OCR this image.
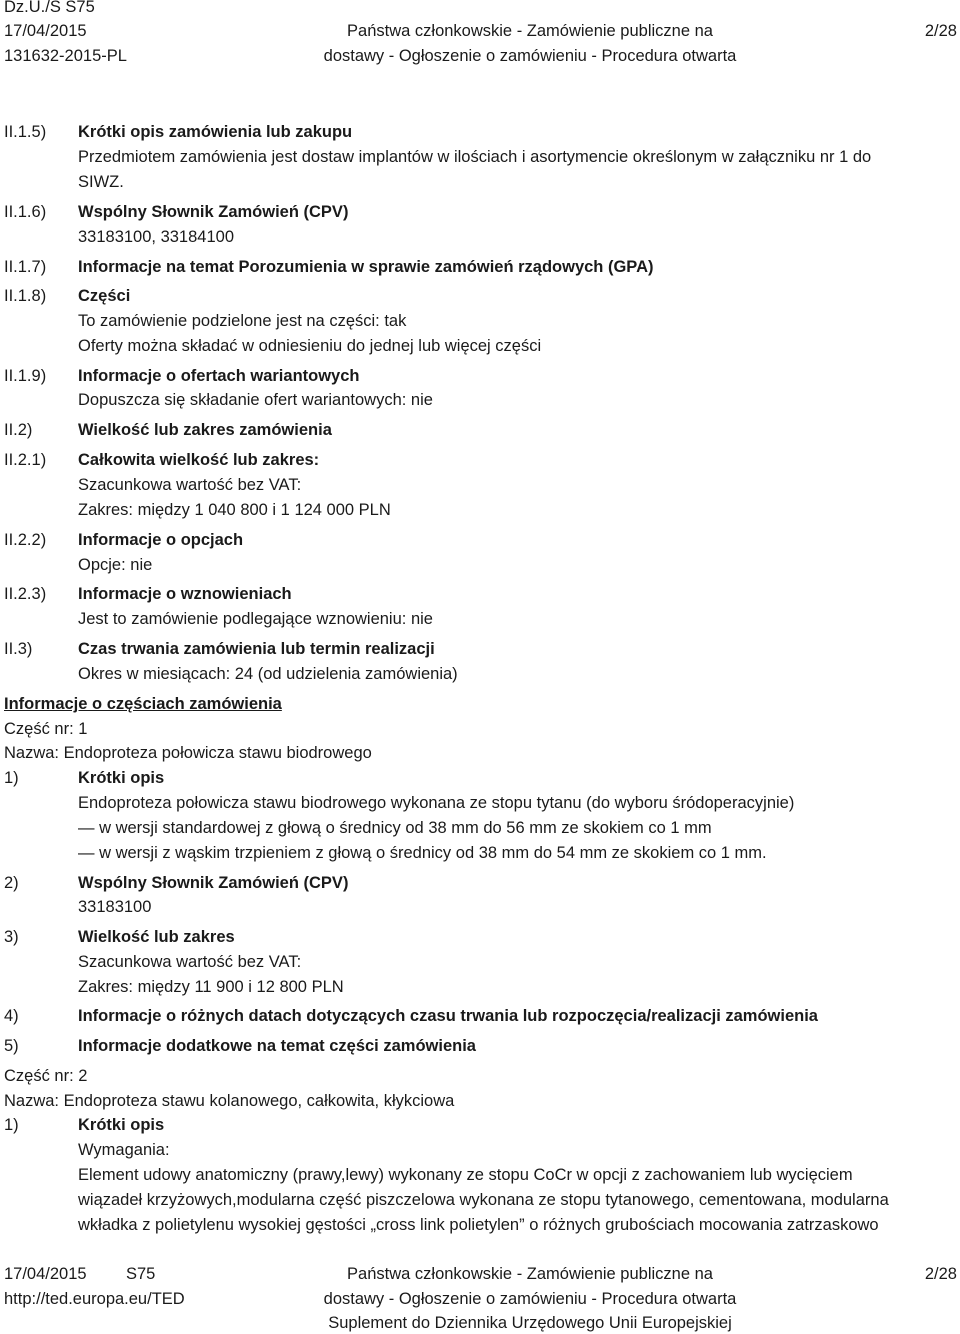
Dz.U./S S75
17/04/2015
131632-2015-PL
Państwa członkowskie - Zamówienie publiczne na
dostawy - Ogłoszenie o zamówieniu - Procedura otwarta
2/28
II.1.5) Krótki opis zamówienia lub zakupu
Przedmiotem zamówienia jest dostaw implantów w ilościach i asortymencie określonym w załączniku nr 1 do
SIWZ.
II.1.6) Wspólny Słownik Zamówień (CPV)
33183100, 33184100
II.1.7) Informacje na temat Porozumienia w sprawie zamówień rządowych (GPA)
II.1.8) Części
To zamówienie podzielone jest na części: tak
Oferty można składać w odniesieniu do jednej lub więcej części
II.1.9) Informacje o ofertach wariantowych
Dopuszcza się składanie ofert wariantowych: nie
II.2)	Wielkość lub zakres zamówienia
II.2.1) Całkowita wielkość lub zakres:
Szacunkowa wartość bez VAT:
Zakres: między 1 040 800 i 1 124 000 PLN
II.2.2) Informacje o opcjach
Opcje: nie
II.2.3) Informacje o wznowieniach
Jest to zamówienie podlegające wznowieniu: nie
II.3)	Czas trwania zamówienia lub termin realizacji
Okres w miesiącach: 24 (od udzielenia zamówienia)
Informacje o częściach zamówienia
Część nr: 1
Nazwa: Endoproteza połowicza stawu biodrowego
1)	Krótki opis
Endoproteza połowicza stawu biodrowego wykonana ze stopu tytanu (do wyboru śródoperacyjnie)
— w wersji standardowej z głową o średnicy od 38 mm do 56 mm ze skokiem co 1 mm
— w wersji z wąskim trzpieniem z głową o średnicy od 38 mm do 54 mm ze skokiem co 1 mm.
2)	Wspólny Słownik Zamówień (CPV)
33183100
3)	Wielkość lub zakres
Szacunkowa wartość bez VAT:
Zakres: między 11 900 i 12 800 PLN
4)	Informacje o różnych datach dotyczących czasu trwania lub rozpoczęcia/realizacji zamówienia
5)	Informacje dodatkowe na temat części zamówienia
Część nr: 2
Nazwa: Endoproteza stawu kolanowego, całkowita, kłykciowa
1)	Krótki opis
Wymagania:
Element udowy anatomiczny (prawy,lewy) wykonany ze stopu CoCr w opcji z zachowaniem lub wycięciem
wiązadeł krzyżowych,modularna część piszczelowa wykonana ze stopu tytanowego, cementowana, modularna
wkładka z polietylenu wysokiej gęstości „cross link polietylen” o różnych grubościach mocowania zatrzaskowo
17/04/2015 S75
http://ted.europa.eu/TED
Państwa członkowskie - Zamówienie publiczne na
dostawy - Ogłoszenie o zamówieniu - Procedura otwarta
Suplement do Dziennika Urzędowego Unii Europejskiej
2/28
